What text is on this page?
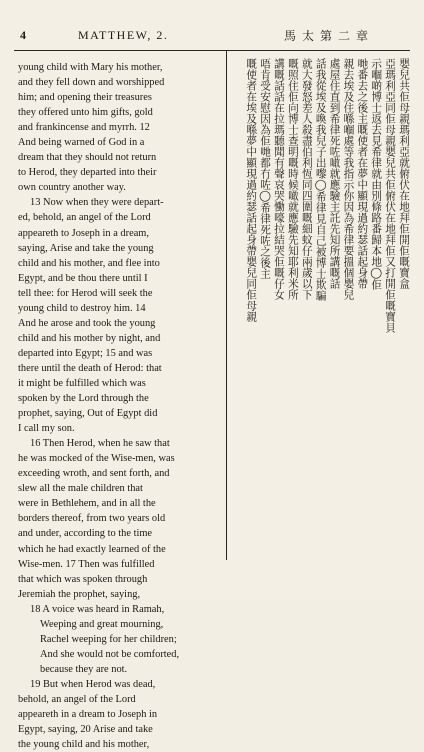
4	MATTHEW, 2.	馬太第二章
young child with Mary his mother,
and they fell down and worshipped
him; and opening their treasures
they offered unto him gifts, gold
and frankincense and myrrh. 12
And being warned of God in a
dream that they should not return
to Herod, they departed into their
own country another way.
13 Now when they were depart-
ed, behold, an angel of the Lord
appeareth to Joseph in a dream,
saying, Arise and take the young
child and his mother, and flee into
Egypt, and be thou there until I
tell thee: for Herod will seek the
young child to destroy him. 14
And he arose and took the young
child and his mother by night, and
departed into Egypt; 15 and was
there until the death of Herod: that
it might be fulfilled which was
spoken by the Lord through the
prophet, saying, Out of Egypt did
I call my son.
16 Then Herod, when he saw that
he was mocked of the Wise-men, was
exceeding wroth, and sent forth, and
slew all the male children that
were in Bethlehem, and in all the
borders thereof, from two years old
and under, according to the time
which he had exactly learned of the
Wise-men. 17 Then was fulfilled
that which was spoken through
Jeremiah the prophet, saying,
18 A voice was heard in Ramah,
Weeping and great mourning,
Rachel weeping for her children;
And she would not be comforted,
because they are not.
19 But when Herod was dead,
behold, an angel of the Lord
appeareth in a dream to Joseph in
Egypt, saying, 20 Arise and take
the young child and his mother,
嬰兒共佢母親瑪利亞就俯伏在地拜佢開佢嘅寶盒
亞瑪利亞同佢母親嬰兒共佢俯伏在地拜佢又打開佢嘅寶貝
示嗰啲博士返去見希律就由別條路番歸本地◯佢
哋番去之後主嘅使者在夢中顯現過約瑟話起身帶
親去埃及住喺嗰處等我指示你因為希律要搵個嬰兒
處屋住直到希律死咗噉就應驗主託先知所講嘅話
話我從埃及喚我兒子出嚟◯希律見自己被博士欺騙
就大發怒差人殺盡伯利恆同四圍嘅細蚊仔兩歲以下
嘅照住佢向博士查明嘅時候噉就應驗先知耶利米所
講嘅話話在拉瑪聽聞有聲哀哭慟嚎拉結哭佢嘅仔女
唔肯受安慰因為佢哋都冇咗◯希律死咗之後主
嘅使者在埃及喺夢中顯現過約瑟話起身帶嬰兒同佢母親
